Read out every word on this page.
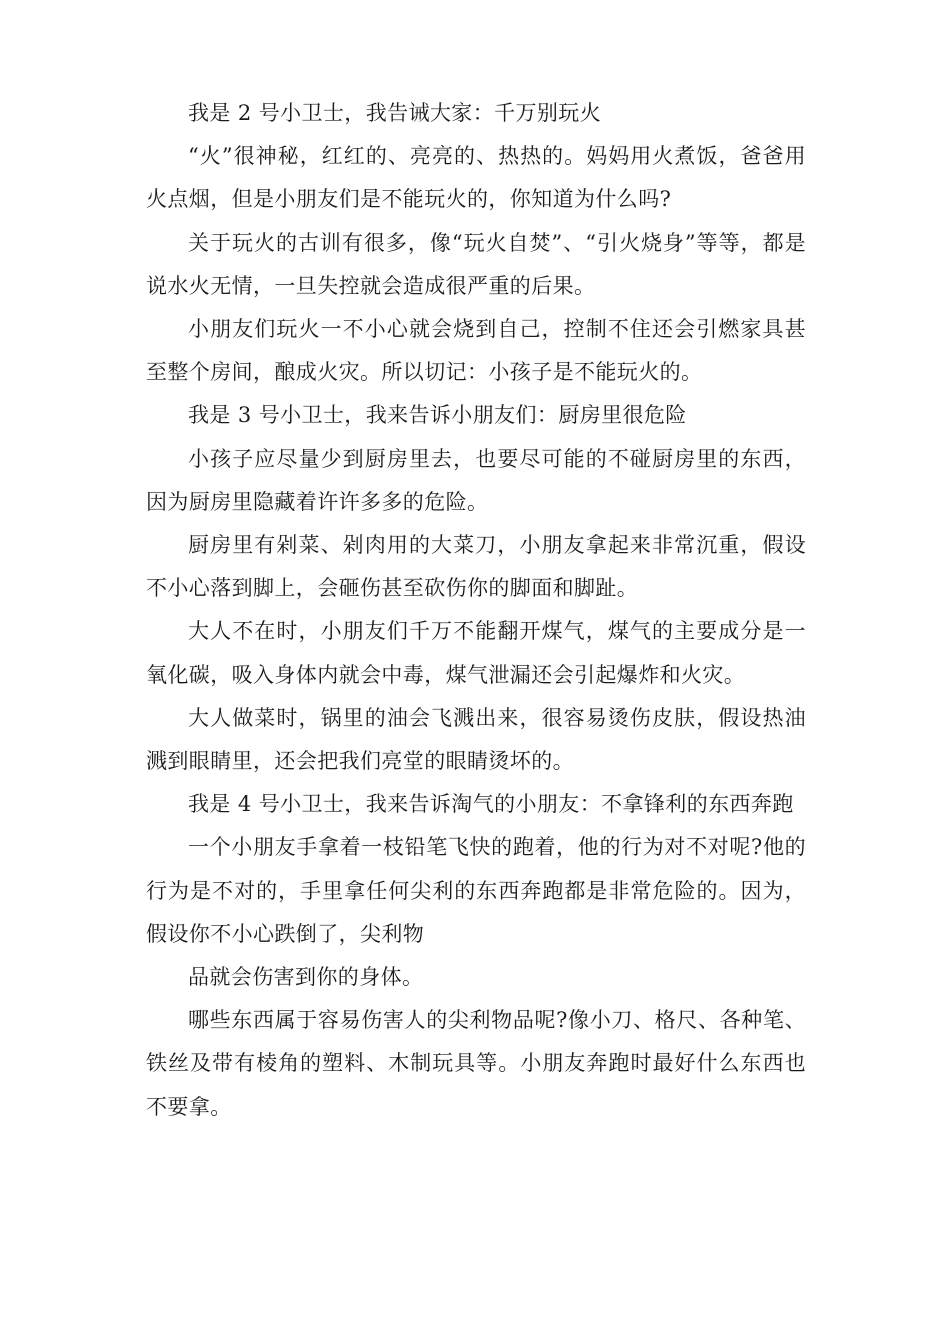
我是 2 号小卫士，我告诫大家：千万别玩火

“火”很神秘，红红的、亮亮的、热热的。妈妈用火煮饭，爸爸用火点烟，但是小朋友们是不能玩火的，你知道为什么吗?

关于玩火的古训有很多，像“玩火自焚”、“引火烧身”等等，都是说水火无情，一旦失控就会造成很严重的后果。

小朋友们玩火一不小心就会烧到自己，控制不住还会引燃家具甚至整个房间，酿成火灾。所以切记：小孩子是不能玩火的。

我是 3 号小卫士，我来告诉小朋友们：厨房里很危险

小孩子应尽量少到厨房里去，也要尽可能的不碰厨房里的东西，因为厨房里隐藏着许许多多的危险。

厨房里有剁菜、剁肉用的大菜刀，小朋友拿起来非常沉重，假设不小心落到脚上，会砸伤甚至砍伤你的脚面和脚趾。

大人不在时，小朋友们千万不能翻开煤气，煤气的主要成分是一氧化碳，吸入身体内就会中毒，煤气泄漏还会引起爆炸和火灾。

大人做菜时，锅里的油会飞溅出来，很容易烫伤皮肤，假设热油溅到眼睛里，还会把我们亮堂的眼睛烫坏的。

我是 4 号小卫士，我来告诉淘气的小朋友：不拿锋利的东西奔跑

一个小朋友手拿着一枝铅笔飞快的跑着，他的行为对不对呢?他的行为是不对的，手里拿任何尖利的东西奔跑都是非常危险的。因为，假设你不小心跌倒了，尖利物

品就会伤害到你的身体。

哪些东西属于容易伤害人的尖利物品呢?像小刀、格尺、各种笔、铁丝及带有棱角的塑料、木制玩具等。小朋友奔跑时最好什么东西也不要拿。
